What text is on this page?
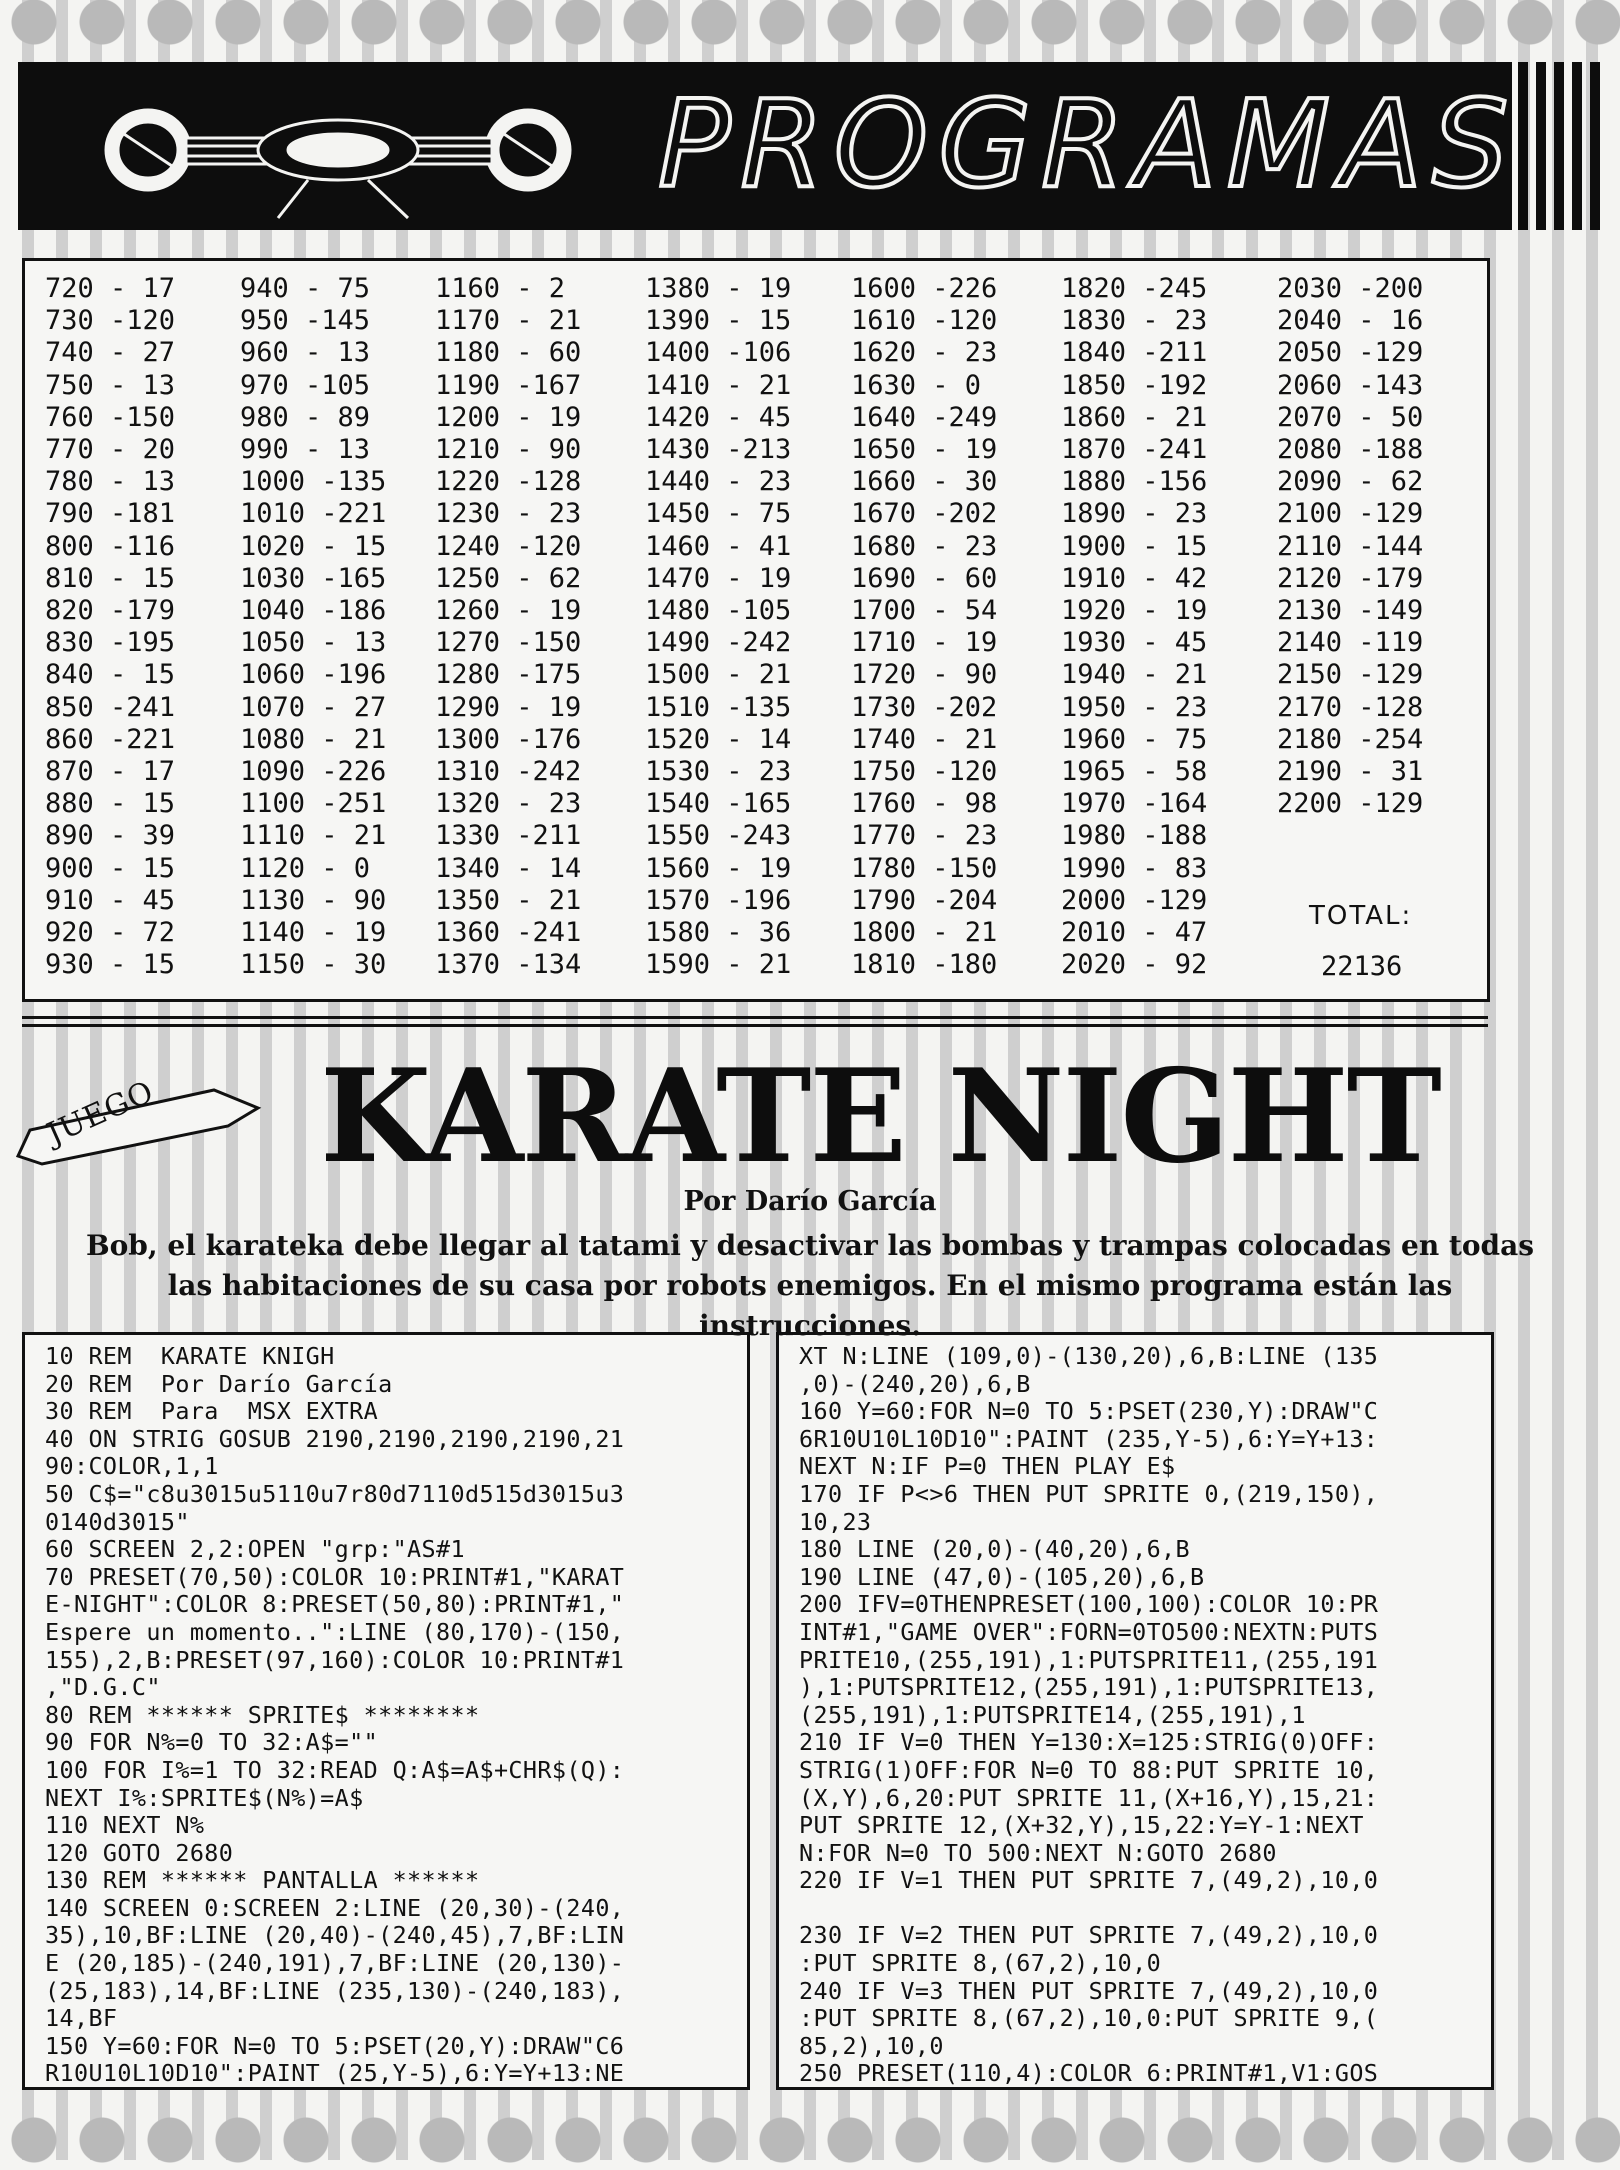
PROGRAMAS
720 - 17
730 -120
740 - 27
750 - 13
760 -150
770 - 20
780 - 13
790 -181
800 -116
810 - 15
820 -179
830 -195
840 - 15
850 -241
860 -221
870 - 17
880 - 15
890 - 39
900 - 15
910 - 45
920 - 72
930 - 15
940 - 75
950 -145
960 - 13
970 -105
980 - 89
990 - 13
1000 -135
1010 -221
1020 - 15
1030 -165
1040 -186
1050 - 13
1060 -196
1070 - 27
1080 - 21
1090 -226
1100 -251
1110 - 21
1120 - 0
1130 - 90
1140 - 19
1150 - 30
1160 - 2
1170 - 21
1180 - 60
1190 -167
1200 - 19
1210 - 90
1220 -128
1230 - 23
1240 -120
1250 - 62
1260 - 19
1270 -150
1280 -175
1290 - 19
1300 -176
1310 -242
1320 - 23
1330 -211
1340 - 14
1350 - 21
1360 -241
1370 -134
1380 - 19
1390 - 15
1400 -106
1410 - 21
1420 - 45
1430 -213
1440 - 23
1450 - 75
1460 - 41
1470 - 19
1480 -105
1490 -242
1500 - 21
1510 -135
1520 - 14
1530 - 23
1540 -165
1550 -243
1560 - 19
1570 -196
1580 - 36
1590 - 21
1600 -226
1610 -120
1620 - 23
1630 - 0
1640 -249
1650 - 19
1660 - 30
1670 -202
1680 - 23
1690 - 60
1700 - 54
1710 - 19
1720 - 90
1730 -202
1740 - 21
1750 -120
1760 - 98
1770 - 23
1780 -150
1790 -204
1800 - 21
1810 -180
1820 -245
1830 - 23
1840 -211
1850 -192
1860 - 21
1870 -241
1880 -156
1890 - 23
1900 - 15
1910 - 42
1920 - 19
1930 - 45
1940 - 21
1950 - 23
1960 - 75
1965 - 58
1970 -164
1980 -188
1990 - 83
2000 -129
2010 - 47
2020 - 92
2030 -200
2040 - 16
2050 -129
2060 -143
2070 - 50
2080 -188
2090 - 62
2100 -129
2110 -144
2120 -179
2130 -149
2140 -119
2150 -129
2170 -128
2180 -254
2190 - 31
2200 -129
TOTAL:
22136
JUEGO KARATE NIGHT
Por Darío García
Bob, el karateka debe llegar al tatami y desactivar las bombas y trampas colocadas en todas las habitaciones de su casa por robots enemigos. En el mismo programa están las instrucciones.
10 REM  KARATE KNIGH
20 REM  Por Darío García
30 REM  Para  MSX EXTRA
40 ON STRIG GOSUB 2190,2190,2190,2190,21
90:COLOR,1,1
50 C$="c8u3015u5110u7r80d7110d515d3015u3
0140d3015"
60 SCREEN 2,2:OPEN "grp:"AS#1
70 PRESET(70,50):COLOR 10:PRINT#1,"KARAT
E-NIGHT":COLOR 8:PRESET(50,80):PRINT#1,"
Espere un momento..":LINE (80,170)-(150,
155),2,B:PRESET(97,160):COLOR 10:PRINT#1
,"D.G.C"
80 REM ****** SPRITE$ ********
90 FOR N%=0 TO 32:A$=""
100 FOR I%=1 TO 32:READ Q:A$=A$+CHR$(Q):
NEXT I%:SPRITE$(N%)=A$
110 NEXT N%
120 GOTO 2680
130 REM ****** PANTALLA ******
140 SCREEN 0:SCREEN 2:LINE (20,30)-(240,
35),10,BF:LINE (20,40)-(240,45),7,BF:LIN
E (20,185)-(240,191),7,BF:LINE (20,130)-
(25,183),14,BF:LINE (235,130)-(240,183),
14,BF
150 Y=60:FOR N=0 TO 5:PSET(20,Y):DRAW"C6
R10U10L10D10":PAINT (25,Y-5),6:Y=Y+13:NE
XT N:LINE (109,0)-(130,20),6,B:LINE (135
,0)-(240,20),6,B
160 Y=60:FOR N=0 TO 5:PSET(230,Y):DRAW"C
6R10U10L10D10":PAINT (235,Y-5),6:Y=Y+13:
NEXT N:IF P=0 THEN PLAY E$
170 IF P<>6 THEN PUT SPRITE 0,(219,150),
10,23
180 LINE (20,0)-(40,20),6,B
190 LINE (47,0)-(105,20),6,B
200 IFV=0THENPRESET(100,100):COLOR 10:PR
INT#1,"GAME OVER":FORN=0TO500:NEXTN:PUTS
PRITE10,(255,191),1:PUTSPRITE11,(255,191
),1:PUTSPRITE12,(255,191),1:PUTSPRITE13,
(255,191),1:PUTSPRITE14,(255,191),1
210 IF V=0 THEN Y=130:X=125:STRIG(0)OFF:
STRIG(1)OFF:FOR N=0 TO 88:PUT SPRITE 10,
(X,Y),6,20:PUT SPRITE 11,(X+16,Y),15,21:
PUT SPRITE 12,(X+32,Y),15,22:Y=Y-1:NEXT
N:FOR N=0 TO 500:NEXT N:GOTO 2680
220 IF V=1 THEN PUT SPRITE 7,(49,2),10,0

230 IF V=2 THEN PUT SPRITE 7,(49,2),10,0
:PUT SPRITE 8,(67,2),10,0
240 IF V=3 THEN PUT SPRITE 7,(49,2),10,0
:PUT SPRITE 8,(67,2),10,0:PUT SPRITE 9,(
85,2),10,0
250 PRESET(110,4):COLOR 6:PRINT#1,V1:GOS
